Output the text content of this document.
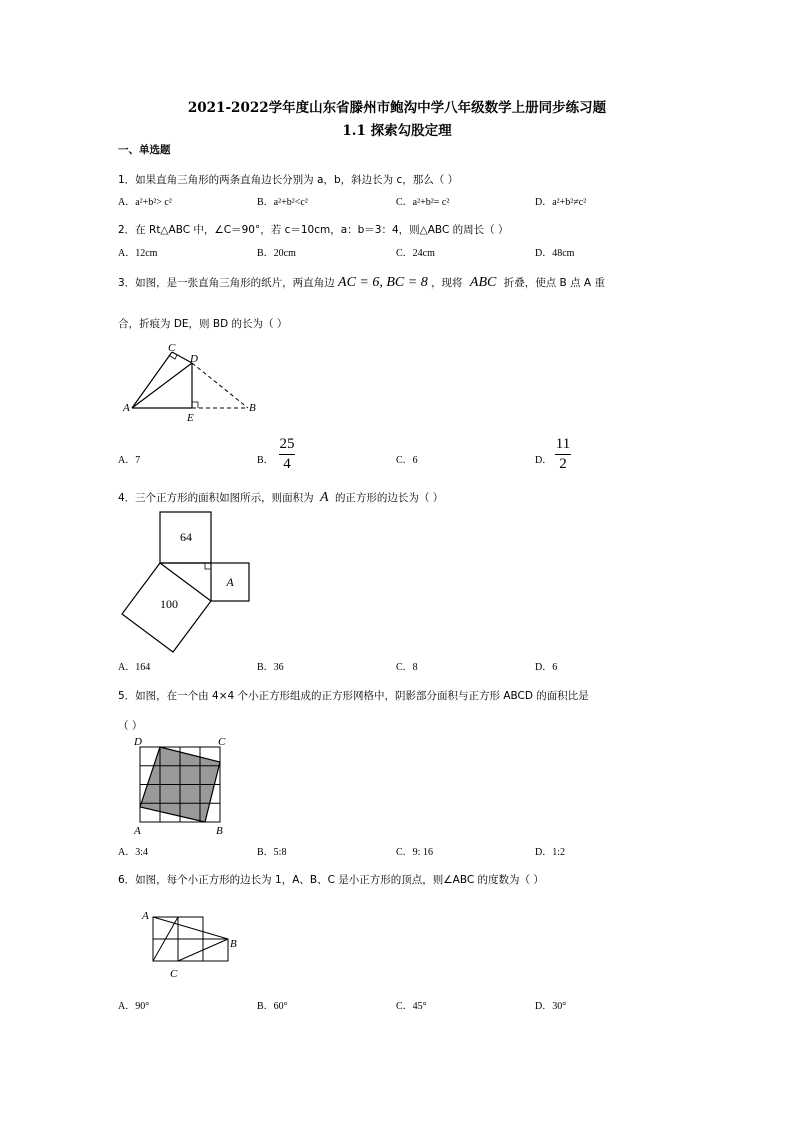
2021-2022学年度山东省滕州市鲍沟中学八年级数学上册同步练习题
1.1 探索勾股定理
一、单选题
1．如果直角三角形的两条直角边长分别为 a，b，斜边长为 c，那么（ ）
A．a²+b²> c²	B．a²+b²<c²	C．a²+b²= c²	D．a²+b²≠c²
2．在 Rt△ABC 中，∠C＝90°，若 c＝10cm，a：b＝3：4，则△ABC 的周长（ ）
A．12cm	B．20cm	C．24cm	D．48cm
3．如图，是一张直角三角形的纸片，两直角边 AC = 6, BC = 8 ，现将 ABC 折叠，使点 B 点 A 重
合，折痕为 DE，则 BD 的长为（ ）
C
D
A
E
B
A．7	B．
25
4	C．6	D．
11
2
4．三个正方形的面积如图所示，则面积为 A 的正方形的边长为（ ）
64
100
A
A．164	B．36	C．8	D．6
5．如图，在一个由 4×4 个小正方形组成的正方形网格中，阴影部分面积与正方形 ABCD 的面积比是
（ ）
D	C
A	B
A．3:4	B．5:8	C．9: 16	D．1:2
6．如图，每个小正方形的边长为 1，A、B、C 是小正方形的顶点，则∠ABC 的度数为（ ）
A
B
C
A．90°	B．60°	C．45°	D．30°
